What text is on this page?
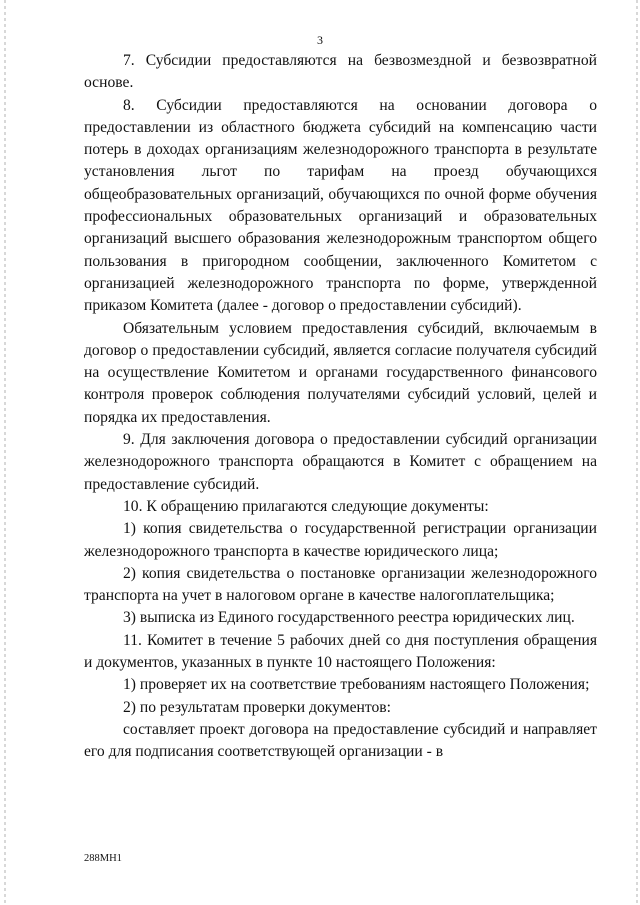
3

7. Субсидии предоставляются на безвозмездной и безвозвратной основе.

8. Субсидии предоставляются на основании договора о предоставлении из областного бюджета субсидий на компенсацию части потерь в доходах организациям железнодорожного транспорта в результате установления льгот по тарифам на проезд обучающихся общеобразовательных организаций, обучающихся по очной форме обучения профессиональных образовательных организаций и образовательных организаций высшего образования железнодорожным транспортом общего пользования в пригородном сообщении, заключенного Комитетом с организацией железнодорожного транспорта по форме, утвержденной приказом Комитета (далее - договор о предоставлении субсидий).

Обязательным условием предоставления субсидий, включаемым в договор о предоставлении субсидий, является согласие получателя субсидий на осуществление Комитетом и органами государственного финансового контроля проверок соблюдения получателями субсидий условий, целей и порядка их предоставления.

9. Для заключения договора о предоставлении субсидий организации железнодорожного транспорта обращаются в Комитет с обращением на предоставление субсидий.

10. К обращению прилагаются следующие документы:

1) копия свидетельства о государственной регистрации организации железнодорожного транспорта в качестве юридического лица;

2) копия свидетельства о постановке организации железнодорожного транспорта на учет в налоговом органе в качестве налогоплательщика;

3) выписка из Единого государственного реестра юридических лиц.

11. Комитет в течение 5 рабочих дней со дня поступления обращения и документов, указанных в пункте 10 настоящего Положения:

1) проверяет их на соответствие требованиям настоящего Положения;

2) по результатам проверки документов:

составляет проект договора на предоставление субсидий и направляет его для подписания соответствующей организации - в

288MH1
